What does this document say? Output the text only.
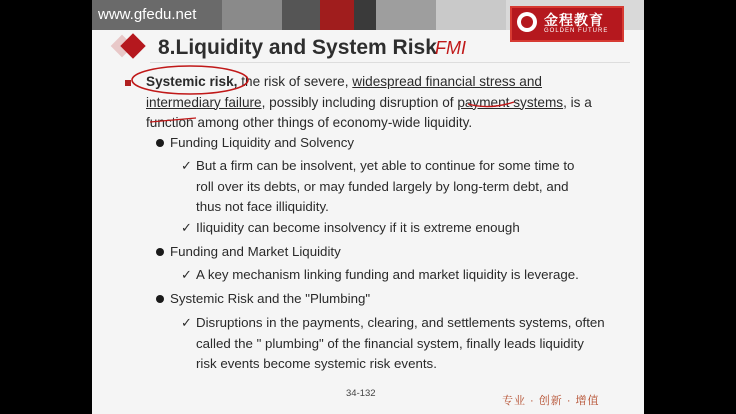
www.gfedu.net	金程教育
GOLDEN FUTURE
8.Liquidity and System Risk
FMI
Systemic risk, the risk of severe, widespread financial stress and intermediary failure, possibly including disruption of payment systems, is a function among other things of economy-wide liquidity.
Funding Liquidity and Solvency
✓ But a firm can be insolvent, yet able to continue for some time to roll over its debts, or may funded largely by long-term debt, and thus not face illiquidity.
✓ Iliquidity can become insolvency if it is extreme enough
Funding and Market Liquidity
✓ A key mechanism linking funding and market liquidity is leverage.
Systemic Risk and the "Plumbing"
✓ Disruptions in the payments, clearing, and settlements systems, often called the " plumbing" of the financial system, finally leads liquidity risk events become systemic risk events.
34-132
专业 · 创新 · 增值
